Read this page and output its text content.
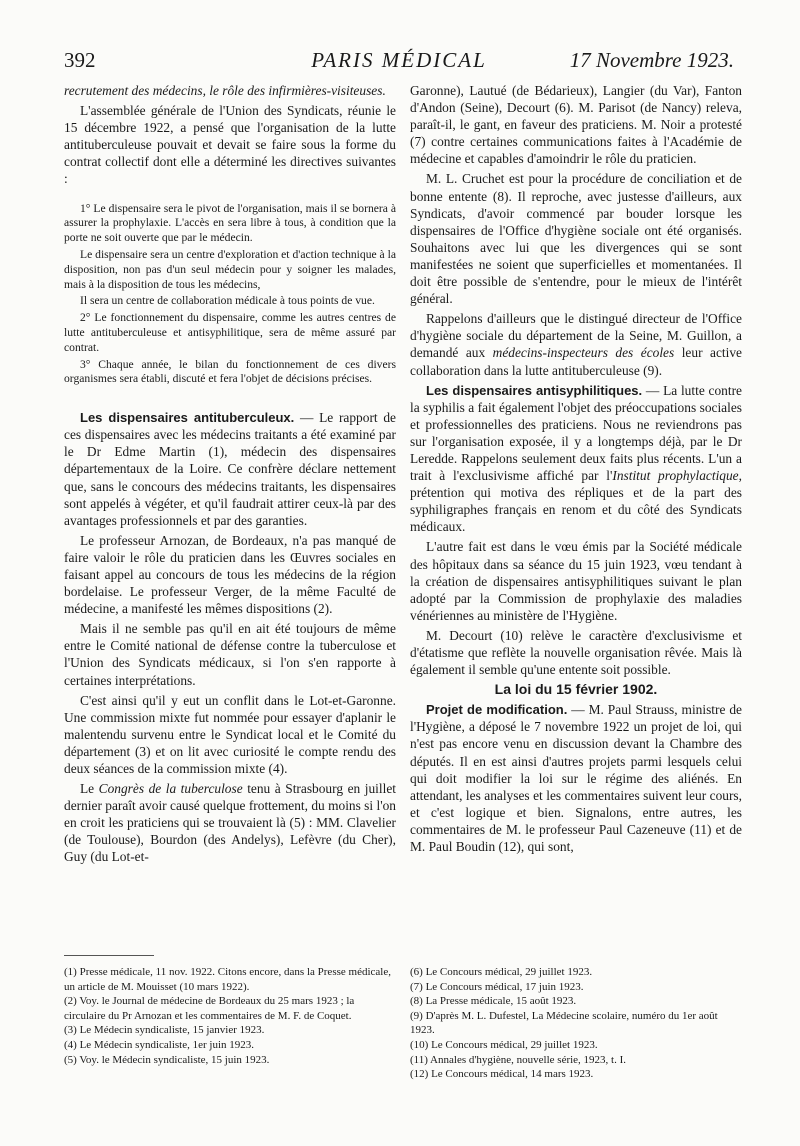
392	PARIS MÉDICAL	17 Novembre 1923.

recrutement des médecins, le rôle des infirmières-visiteuses.

L'assemblée générale de l'Union des Syndicats, réunie le 15 décembre 1922, a pensé que l'organisation de la lutte antituberculeuse pouvait et devait se faire sous la forme du contrat collectif dont elle a déterminé les directives suivantes :

1° Le dispensaire sera le pivot de l'organisation, mais il se bornera à assurer la prophylaxie. L'accès en sera libre à tous, à condition que la porte ne soit ouverte que par le médecin.

Le dispensaire sera un centre d'exploration et d'action technique à la disposition, non pas d'un seul médecin pour y soigner les malades, mais à la disposition de tous les médecins,

Il sera un centre de collaboration médicale à tous points de vue.

2° Le fonctionnement du dispensaire, comme les autres centres de lutte antituberculeuse et antisyphilitique, sera de même assuré par contrat.

3° Chaque année, le bilan du fonctionnement de ces divers organismes sera établi, discuté et fera l'objet de décisions précises.

Les dispensaires antituberculeux. — Le rapport de ces dispensaires avec les médecins traitants a été examiné par le Dr Edme Martin (1), médecin des dispensaires départementaux de la Loire. Ce confrère déclare nettement que, sans le concours des médecins traitants, les dispensaires sont appelés à végéter, et qu'il faudrait attirer ceux-là par des avantages professionnels et par des garanties.

Le professeur Arnozan, de Bordeaux, n'a pas manqué de faire valoir le rôle du praticien dans les Œuvres sociales en faisant appel au concours de tous les médecins de la région bordelaise. Le professeur Verger, de la même Faculté de médecine, a manifesté les mêmes dispositions (2).

Mais il ne semble pas qu'il en ait été toujours de même entre le Comité national de défense contre la tuberculose et l'Union des Syndicats médicaux, si l'on s'en rapporte à certaines interprétations.

C'est ainsi qu'il y eut un conflit dans le Lot-et-Garonne. Une commission mixte fut nommée pour essayer d'aplanir le malentendu survenu entre le Syndicat local et le Comité du département (3) et on lit avec curiosité le compte rendu des deux séances de la commission mixte (4).

Le Congrès de la tuberculose tenu à Strasbourg en juillet dernier paraît avoir causé quelque frottement, du moins si l'on en croit les praticiens qui se trouvaient là (5) : MM. Clavelier (de Toulouse), Bourdon (des Andelys), Lefèvre (du Cher), Guy (du Lot-et-

Garonne), Lautué (de Bédarieux), Langier (du Var), Fanton d'Andon (Seine), Decourt (6). M. Parisot (de Nancy) releva, paraît-il, le gant, en faveur des praticiens. M. Noir a protesté (7) contre certaines communications faites à l'Académie de médecine et capables d'amoindrir le rôle du praticien.

M. L. Cruchet est pour la procédure de conciliation et de bonne entente (8). Il reproche, avec justesse d'ailleurs, aux Syndicats, d'avoir commencé par bouder lorsque les dispensaires de l'Office d'hygiène sociale ont été organisés. Souhaitons avec lui que les divergences qui se sont manifestées ne soient que superficielles et momentanées. Il doit être possible de s'entendre, pour le mieux de l'intérêt général.

Rappelons d'ailleurs que le distingué directeur de l'Office d'hygiène sociale du département de la Seine, M. Guillon, a demandé aux médecins-inspecteurs des écoles leur active collaboration dans la lutte antituberculeuse (9).

Les dispensaires antisyphilitiques. — La lutte contre la syphilis a fait également l'objet des préoccupations sociales et professionnelles des praticiens. Nous ne reviendrons pas sur l'organisation exposée, il y a longtemps déjà, par le Dr Leredde. Rappelons seulement deux faits plus récents. L'un a trait à l'exclusivisme affiché par l'Institut prophylactique, prétention qui motiva des répliques et de la part des syphiligraphes français en renom et du côté des Syndicats médicaux.

L'autre fait est dans le vœu émis par la Société médicale des hôpitaux dans sa séance du 15 juin 1923, vœu tendant à la création de dispensaires antisyphilitiques suivant le plan adopté par la Commission de prophylaxie des maladies vénériennes au ministère de l'Hygiène.

M. Decourt (10) relève le caractère d'exclusivisme et d'étatisme que reflète la nouvelle organisation rêvée. Mais là également il semble qu'une entente soit possible.

La loi du 15 février 1902.

Projet de modification. — M. Paul Strauss, ministre de l'Hygiène, a déposé le 7 novembre 1922 un projet de loi, qui n'est pas encore venu en discussion devant la Chambre des députés. Il en est ainsi d'autres projets parmi lesquels celui qui doit modifier la loi sur le régime des aliénés. En attendant, les analyses et les commentaires suivent leur cours, et c'est logique et bien. Signalons, entre autres, les commentaires de M. le professeur Paul Cazeneuve (11) et de M. Paul Boudin (12), qui sont,

(1) Presse médicale, 11 nov. 1922. Citons encore, dans la Presse médicale, un article de M. Mouisset (10 mars 1922).
(2) Voy. le Journal de médecine de Bordeaux du 25 mars 1923 ; la circulaire du Pr Arnozan et les commentaires de M. F. de Coquet.
(3) Le Médecin syndicaliste, 15 janvier 1923.
(4) Le Médecin syndicaliste, 1er juin 1923.
(5) Voy. le Médecin syndicaliste, 15 juin 1923.
(6) Le Concours médical, 29 juillet 1923.
(7) Le Concours médical, 17 juin 1923.
(8) La Presse médicale, 15 août 1923.
(9) D'après M. L. Dufestel, La Médecine scolaire, numéro du 1er août 1923.
(10) Le Concours médical, 29 juillet 1923.
(11) Annales d'hygiène, nouvelle série, 1923, t. I.
(12) Le Concours médical, 14 mars 1923.
